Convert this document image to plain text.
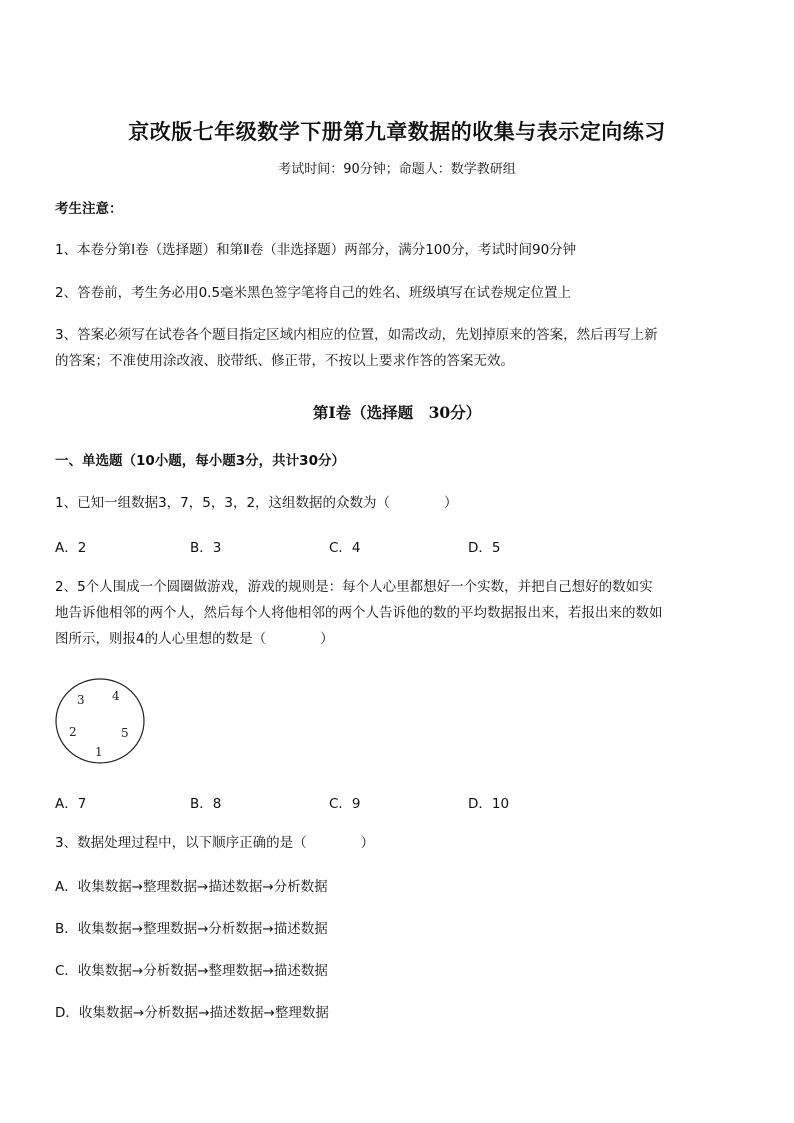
京改版七年级数学下册第九章数据的收集与表示定向练习
考试时间：90分钟；命题人：数学教研组
考生注意：
1、本卷分第Ⅰ卷（选择题）和第Ⅱ卷（非选择题）两部分，满分100分，考试时间90分钟
2、答卷前，考生务必用0.5毫米黑色签字笔将自己的姓名、班级填写在试卷规定位置上
3、答案必须写在试卷各个题目指定区域内相应的位置，如需改动，先划掉原来的答案，然后再写上新
的答案；不准使用涂改液、胶带纸、修正带，不按以上要求作答的答案无效。
第Ⅰ卷（选择题　30分）
一、单选题（10小题，每小题3分，共计30分）
1、已知一组数据3，7，5，3，2，这组数据的众数为（　　　　）
A．2	B．3	C．4	D．5
2、5个人围成一个圆圈做游戏，游戏的规则是：每个人心里都想好一个实数，并把自己想好的数如实
地告诉他相邻的两个人，然后每个人将他相邻的两个人告诉他的数的平均数据报出来，若报出来的数如
图所示，则报4的人心里想的数是（　　　　）
3 4
2	5
1
A．7	B．8	C．9	D．10
3、数据处理过程中，以下顺序正确的是（　　　　）
A．收集数据→整理数据→描述数据→分析数据
B．收集数据→整理数据→分析数据→描述数据
C．收集数据→分析数据→整理数据→描述数据
D．收集数据→分析数据→描述数据→整理数据
